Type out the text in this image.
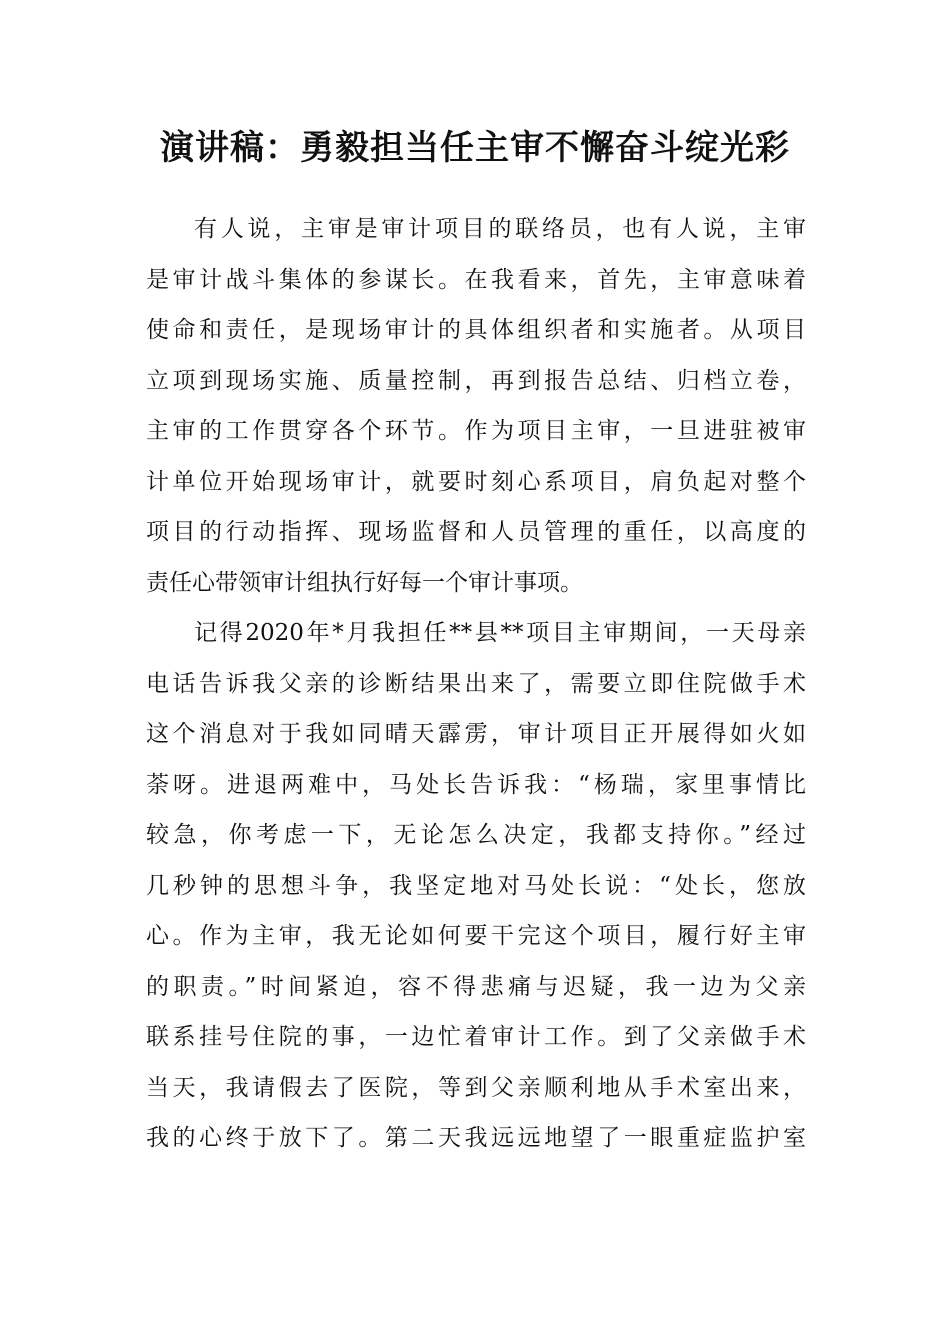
演讲稿：勇毅担当任主审不懈奋斗绽光彩
有人说，主审是审计项目的联络员，也有人说，主审
是审计战斗集体的参谋长。在我看来，首先，主审意味着
使命和责任，是现场审计的具体组织者和实施者。从项目
立项到现场实施、质量控制，再到报告总结、归档立卷，
主审的工作贯穿各个环节。作为项目主审，一旦进驻被审
计单位开始现场审计，就要时刻心系项目，肩负起对整个
项目的行动指挥、现场监督和人员管理的重任，以高度的
责任心带领审计组执行好每一个审计事项。
记得2020年*月我担任**县**项目主审期间，一天母亲
电话告诉我父亲的诊断结果出来了，需要立即住院做手术
这个消息对于我如同晴天霹雳，审计项目正开展得如火如
荼呀。进退两难中，马处长告诉我：“杨瑞，家里事情比
较急，你考虑一下，无论怎么决定，我都支持你。”经过
几秒钟的思想斗争，我坚定地对马处长说：“处长，您放
心。作为主审，我无论如何要干完这个项目，履行好主审
的职责。”时间紧迫，容不得悲痛与迟疑，我一边为父亲
联系挂号住院的事，一边忙着审计工作。到了父亲做手术
当天，我请假去了医院，等到父亲顺利地从手术室出来，
我的心终于放下了。第二天我远远地望了一眼重症监护室
